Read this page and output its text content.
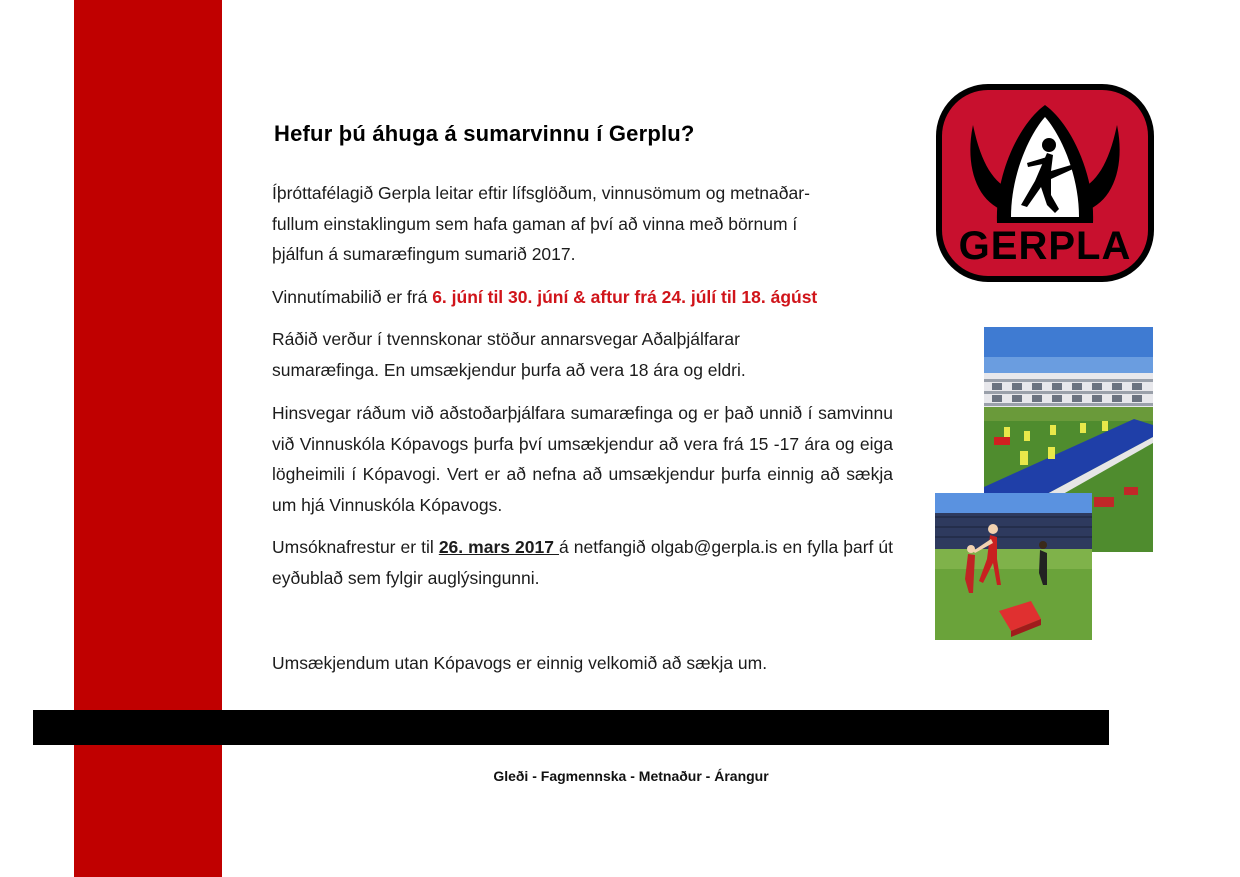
Hefur þú áhuga á sumarvinnu í Gerplu?
Íþróttafélagið Gerpla leitar eftir lífsglöðum, vinnusömum og metnaðar-
fullum einstaklingum sem hafa gaman af því að vinna með börnum í
þjálfun á sumaræfingum sumarið 2017.

Vinnutímabilið er frá 6. júní til 30. júní & aftur frá 24. júlí til 18. ágúst

Ráðið verður í tvennskonar stöður annarsvegar Aðalþjálfarar
sumaræfinga. En umsækjendur þurfa að vera 18 ára og eldri.

Hinsvegar ráðum við aðstoðarþjálfara sumaræfinga og er það unnið í samvinnu við Vinnuskóla Kópavogs þurfa því umsækjendur að vera frá 15 -17 ára og eiga lögheimili í Kópavogi. Vert er að nefna að umsækjendur þurfa einnig að sækja um hjá Vinnuskóla Kópavogs.

Umsóknafrestur er til 26. mars 2017 á netfangið olgab@gerpla.is en fylla þarf út eyðublað sem fylgir auglýsingunni.

Umsækjendum utan Kópavogs er einnig velkomið að sækja um.

Gleði - Fagmennska - Metnaður - Árangur

GERPLA
